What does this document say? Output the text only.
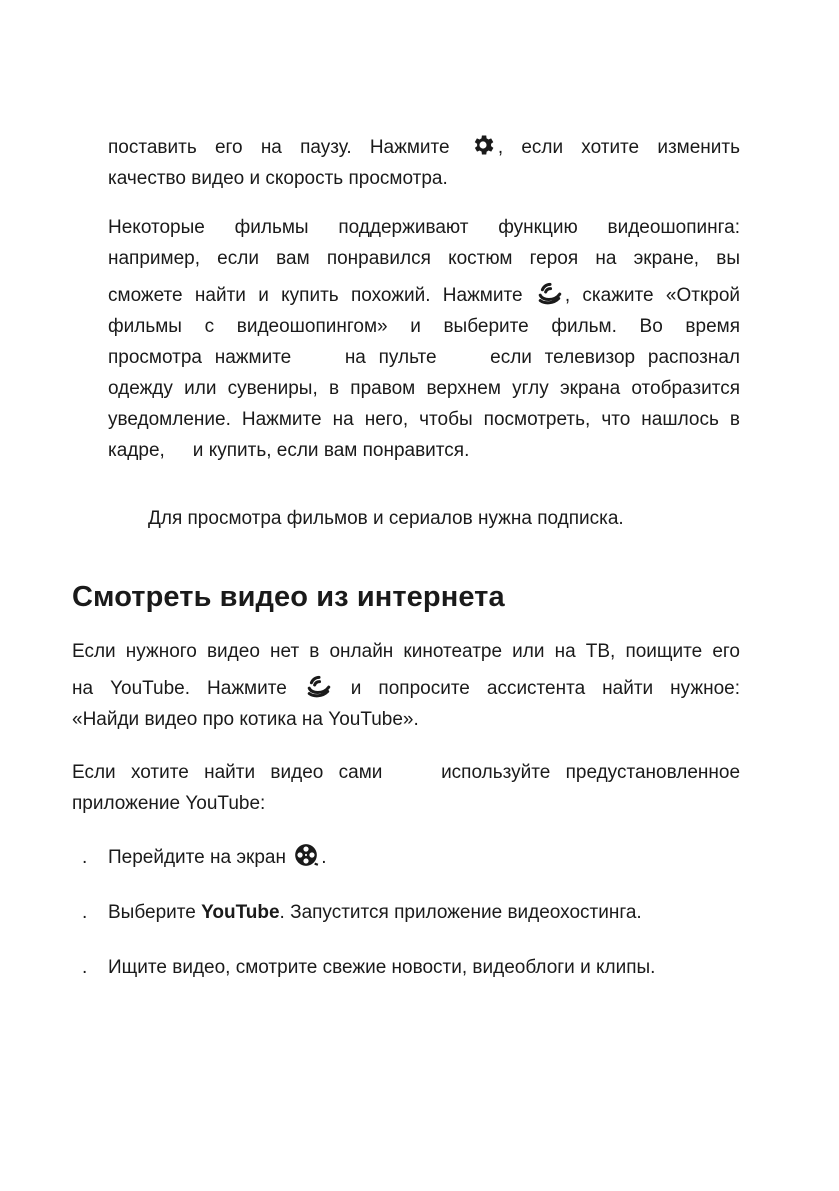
поставить его на паузу. Нажмите	, если хотите изменить
качество видео и скорость просмотра.
Некоторые фильмы поддерживают функцию видеошопинга:
например, если вам понравился костюм героя на экране, вы
сможете найти и купить похожий. Нажмите , скажите «Открой
фильмы с видеошопингом» и выберите фильм. Во время
просмотра нажмите	на пульте	если телевизор распознал
одежду или сувениры, в правом верхнем углу экрана отобразится
уведомление. Нажмите на него, чтобы посмотреть, что нашлось в
кадре, и купить, если вам понравится.

Для просмотра фильмов и сериалов нужна подписка.

Смотреть видео из интернета
Если нужного видео нет в онлайн кинотеатре или на ТВ, поищите его
на YouTube. Нажмите	и попросите ассистента найти нужное:
«Найди видео про котика на YouTube».
Если хотите найти видео сами	используйте предустановленное
приложение YouTube:
. Перейдите на экран .
. Выберите YouTube. Запустится приложение видеохостинга.
. Ищите видео, смотрите свежие новости, видеоблоги и клипы.
